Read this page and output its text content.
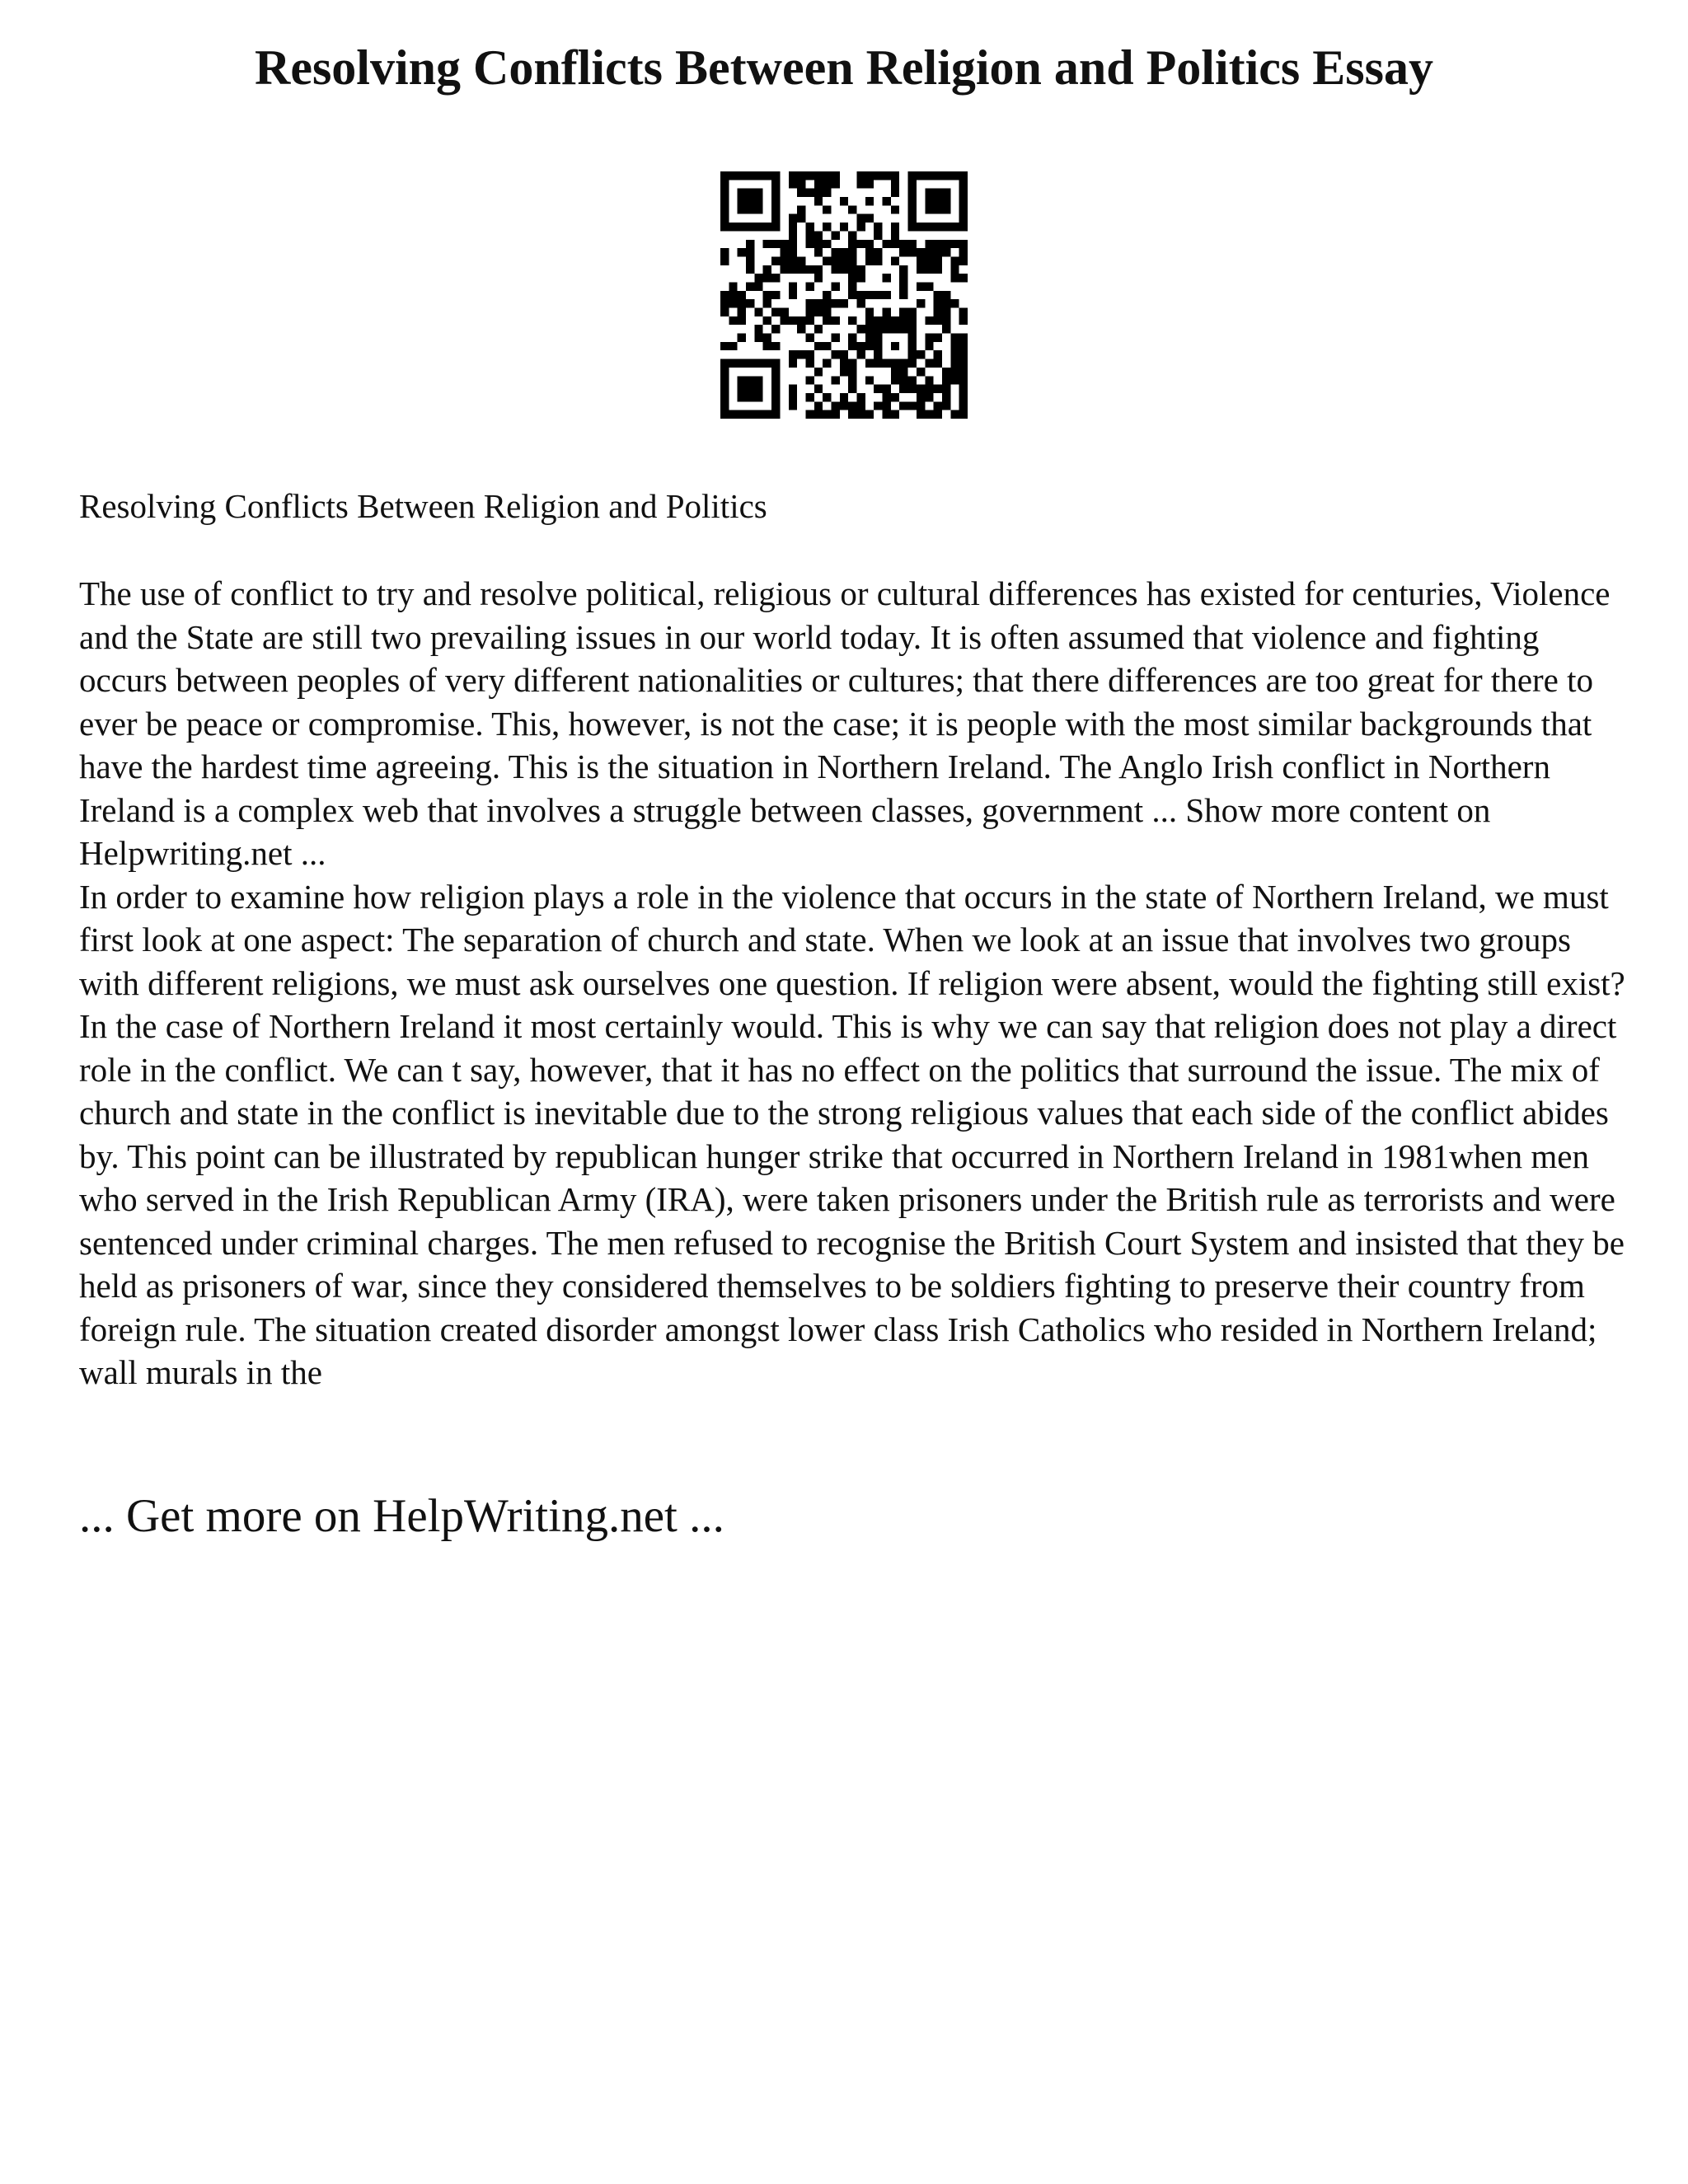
Resolving Conflicts Between Religion and Politics Essay

Resolving Conflicts Between Religion and Politics

The use of conflict to try and resolve political, religious or cultural differences has existed for centuries, Violence and the State are still two prevailing issues in our world today. It is often assumed that violence and fighting occurs between peoples of very different nationalities or cultures; that there differences are too great for there to ever be peace or compromise. This, however, is not the case; it is people with the most similar backgrounds that have the hardest time agreeing. This is the situation in Northern Ireland. The Anglo Irish conflict in Northern Ireland is a complex web that involves a struggle between classes, government ... Show more content on Helpwriting.net ...

In order to examine how religion plays a role in the violence that occurs in the state of Northern Ireland, we must first look at one aspect: The separation of church and state. When we look at an issue that involves two groups with different religions, we must ask ourselves one question. If religion were absent, would the fighting still exist? In the case of Northern Ireland it most certainly would. This is why we can say that religion does not play a direct role in the conflict. We can t say, however, that it has no effect on the politics that surround the issue. The mix of church and state in the conflict is inevitable due to the strong religious values that each side of the conflict abides by. This point can be illustrated by republican hunger strike that occurred in Northern Ireland in 1981when men who served in the Irish Republican Army (IRA), were taken prisoners under the British rule as terrorists and were sentenced under criminal charges. The men refused to recognise the British Court System and insisted that they be held as prisoners of war, since they considered themselves to be soldiers fighting to preserve their country from foreign rule. The situation created disorder amongst lower class Irish Catholics who resided in Northern Ireland; wall murals in the

... Get more on HelpWriting.net ...
